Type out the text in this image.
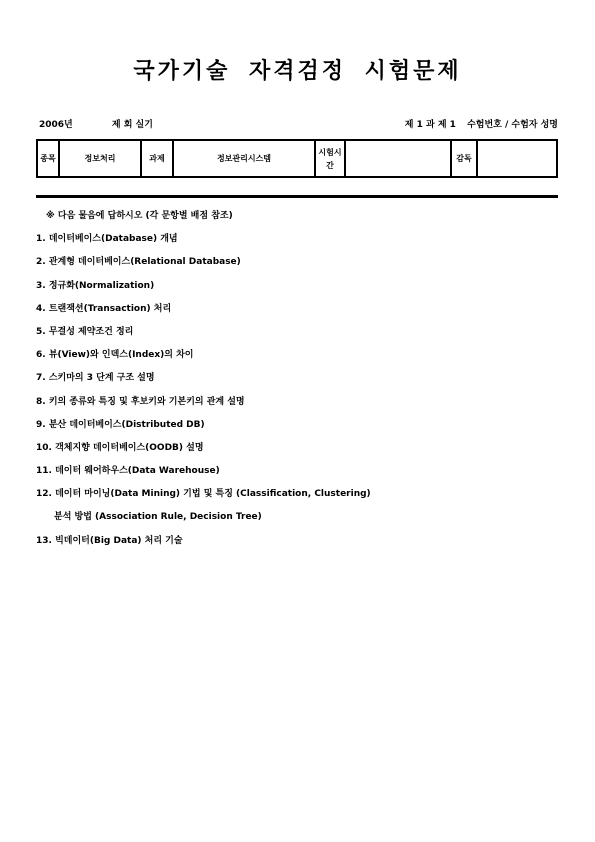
국가기술 자격검정 시험문제
2006년	제 회 실기	제 1 과 제 1 수험번호 / 수험자 성명
종목	정보처리	과제	정보관리시스템	시험시간		감독	
※ 다음 물음에 답하시오 (각 문항별 배점 참조)
1. 데이터베이스(Database) 개념
2. 관계형 데이터베이스(Relational Database)
3. 정규화(Normalization)
4. 트랜잭션(Transaction) 처리
5. 무결성 제약조건 정리
6. 뷰(View)와 인덱스(Index)의 차이
7. 스키마의 3 단계 구조 설명
8. 키의 종류와 특징 및 후보키와 기본키의 관계 설명
9. 분산 데이터베이스(Distributed DB)
10. 객체지향 데이터베이스(OODB) 설명
11. 데이터 웨어하우스(Data Warehouse)
12. 데이터 마이닝(Data Mining) 기법 및 특징 (Classification, Clustering)
분석 방법 (Association Rule, Decision Tree)
13. 빅데이터(Big Data) 처리 기술
